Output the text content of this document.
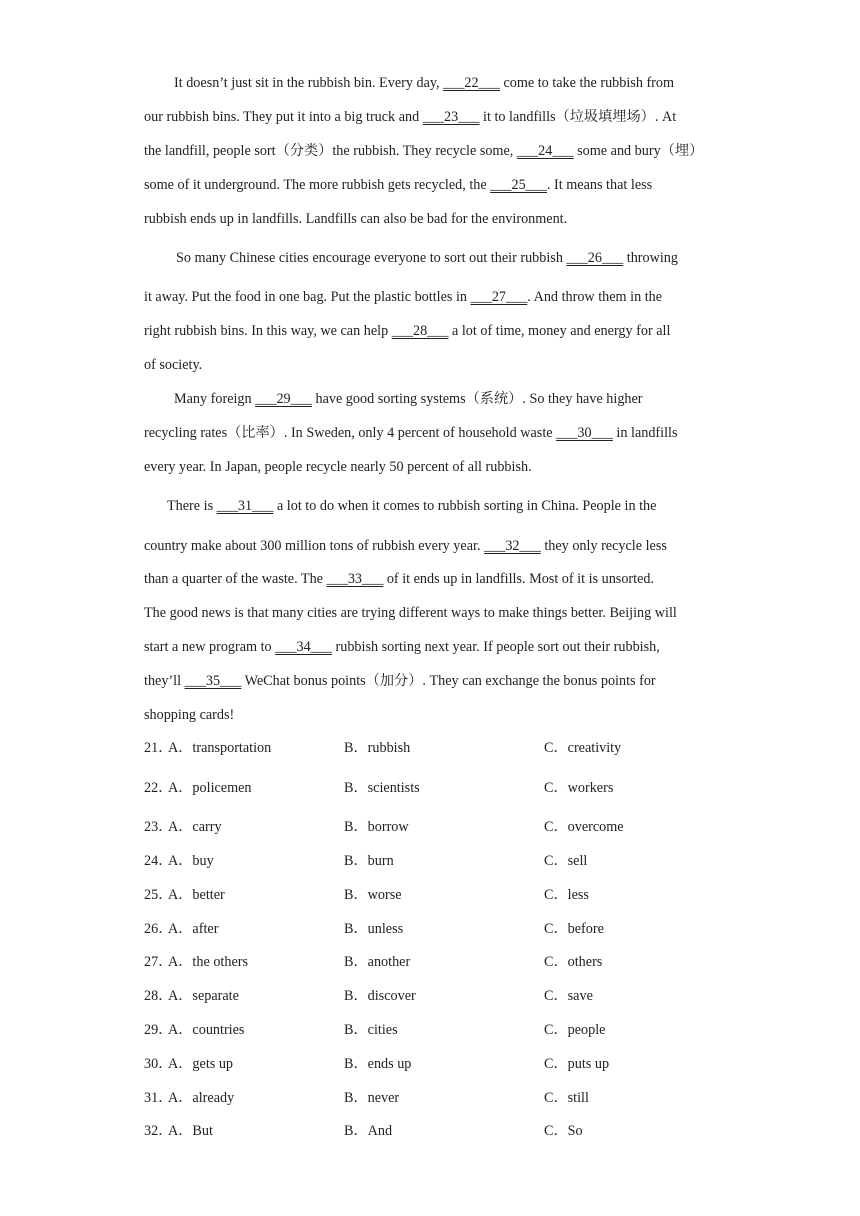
It doesn’t just sit in the rubbish bin. Every day, ___22___ come to take the rubbish from
our rubbish bins. They put it into a big truck and ___23___ it to landfills（垃圾填埋场）. At
the landfill, people sort（分类）the rubbish. They recycle some, ___24___ some and bury（埋）
some of it underground. The more rubbish gets recycled, the ___25___. It means that less
rubbish ends up in landfills. Landfills can also be bad for the environment.
So many Chinese cities encourage everyone to sort out their rubbish ___26___ throwing
it away. Put the food in one bag. Put the plastic bottles in ___27___. And throw them in the
right rubbish bins. In this way, we can help ___28___ a lot of time, money and energy for all
of society.
Many foreign ___29___ have good sorting systems（系统）. So they have higher
recycling rates（比率）. In Sweden, only 4 percent of household waste ___30___ in landfills
every year. In Japan, people recycle nearly 50 percent of all rubbish.
There is ___31___ a lot to do when it comes to rubbish sorting in China. People in the
country make about 300 million tons of rubbish every year. ___32___ they only recycle less
than a quarter of the waste. The ___33___ of it ends up in landfills. Most of it is unsorted.
The good news is that many cities are trying different ways to make things better. Beijing will
start a new program to ___34___ rubbish sorting next year. If people sort out their rubbish,
they’ll ___35___ WeChat bonus points（加分）. They can exchange the bonus points for
shopping cards!
21．
A．transportation	B．rubbish	C．creativity
22．
A．policemen	B．scientists	C．workers
23．
A．carry	B．borrow	C．overcome
24．
A．buy	B．burn	C．sell
25．
A．better	B．worse	C．less
26．
A．after	B．unless	C．before
27．
A．the others	B．another	C．others
28．
A．separate	B．discover	C．save
29．
A．countries	B．cities	C．people
30．
A．gets up	B．ends up	C．puts up
31．
A．already	B．never	C．still
32．
A．But	B．And	C．So
